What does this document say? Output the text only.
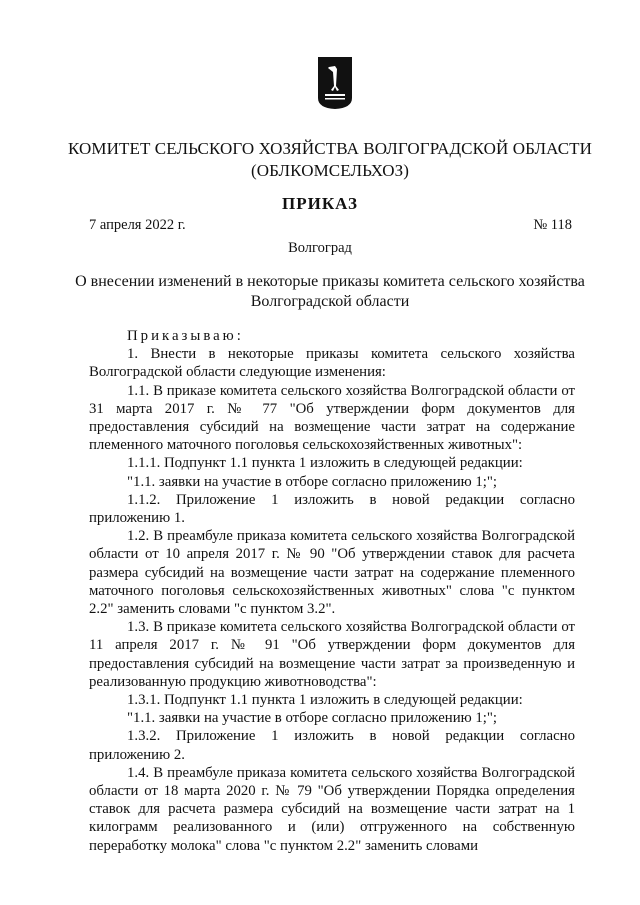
КОМИТЕТ СЕЛЬСКОГО ХОЗЯЙСТВА ВОЛГОГРАДСКОЙ ОБЛАСТИ
(ОБЛКОМСЕЛЬХОЗ)
ПРИКАЗ
7 апреля 2022 г.	№ 118
Волгоград
О внесении изменений в некоторые приказы комитета сельского хозяйства
Волгоградской области

Приказываю:

1. Внести в некоторые приказы комитета сельского хозяйства Волгоградской области следующие изменения:

1.1. В приказе комитета сельского хозяйства Волгоградской области от 31 марта 2017 г. № 77 "Об утверждении форм документов для предоставления субсидий на возмещение части затрат на содержание племенного маточного поголовья сельскохозяйственных животных":

1.1.1. Подпункт 1.1 пункта 1 изложить в следующей редакции:

"1.1. заявки на участие в отборе согласно приложению 1;";

1.1.2. Приложение 1 изложить в новой редакции согласно приложению 1.

1.2. В преамбуле приказа комитета сельского хозяйства Волгоградской области от 10 апреля 2017 г. № 90 "Об утверждении ставок для расчета размера субсидий на возмещение части затрат на содержание племенного маточного поголовья сельскохозяйственных животных" слова "с пунктом 2.2" заменить словами "с пунктом 3.2".

1.3. В приказе комитета сельского хозяйства Волгоградской области от 11 апреля 2017 г. № 91 "Об утверждении форм документов для предоставления субсидий на возмещение части затрат за произведенную и реализованную продукцию животноводства":

1.3.1. Подпункт 1.1 пункта 1 изложить в следующей редакции:

"1.1. заявки на участие в отборе согласно приложению 1;";

1.3.2. Приложение 1 изложить в новой редакции согласно приложению 2.

1.4. В преамбуле приказа комитета сельского хозяйства Волгоградской области от 18 марта 2020 г. № 79 "Об утверждении Порядка определения ставок для расчета размера субсидий на возмещение части затрат на 1 килограмм реализованного и (или) отгруженного на собственную переработку молока" слова "с пунктом 2.2" заменить словами
